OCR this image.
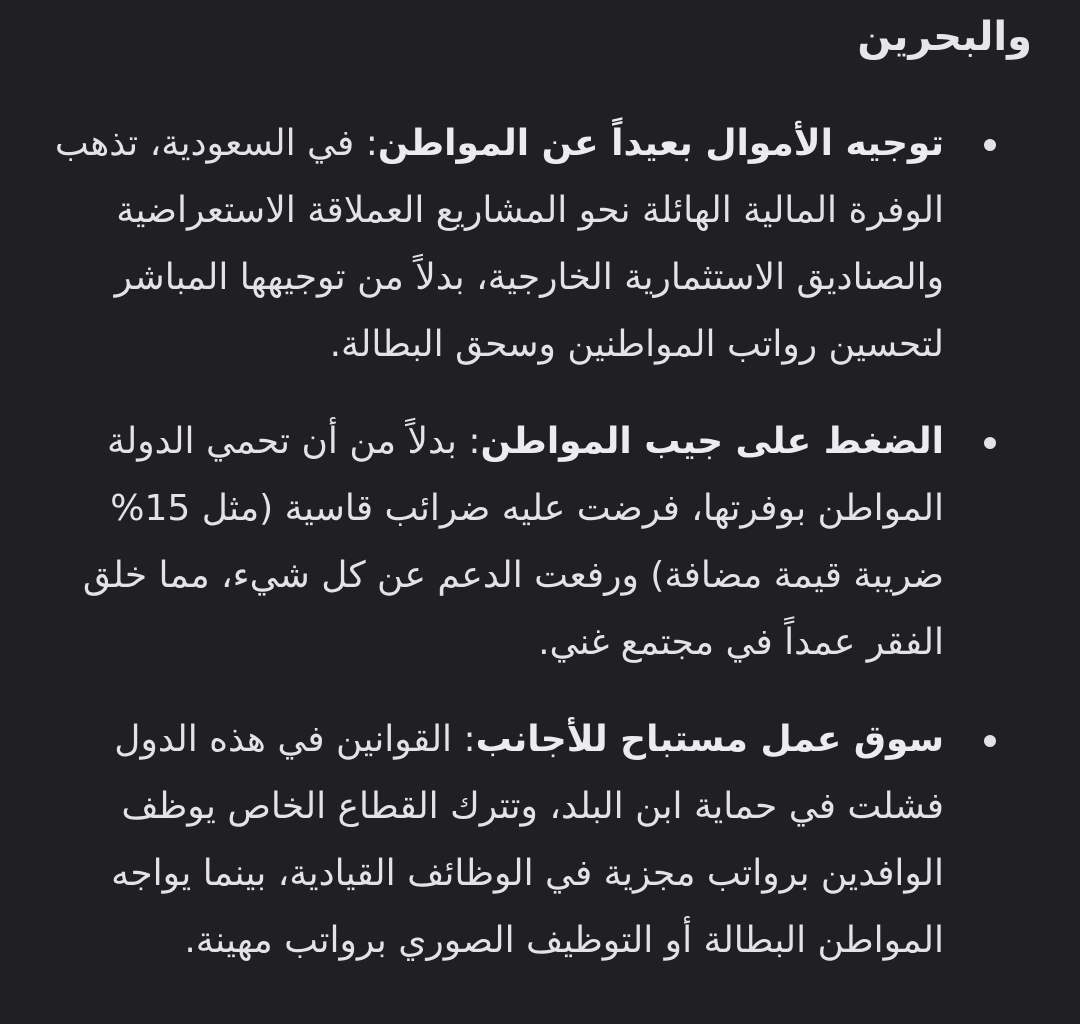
والبحرين
توجيه الأموال بعيداً عن المواطن: في السعودية، تذهب الوفرة المالية الهائلة نحو المشاريع العملاقة الاستعراضية والصناديق الاستثمارية الخارجية، بدلاً من توجيهها المباشر لتحسين رواتب المواطنين وسحق البطالة.
الضغط على جيب المواطن: بدلاً من أن تحمي الدولة المواطن بوفرتها، فرضت عليه ضرائب قاسية (مثل 15% ضريبة قيمة مضافة) ورفعت الدعم عن كل شيء، مما خلق الفقر عمداً في مجتمع غني.
سوق عمل مستباح للأجانب: القوانين في هذه الدول فشلت في حماية ابن البلد، وتترك القطاع الخاص يوظف الوافدين برواتب مجزية في الوظائف القيادية، بينما يواجه المواطن البطالة أو التوظيف الصوري برواتب مهينة.
